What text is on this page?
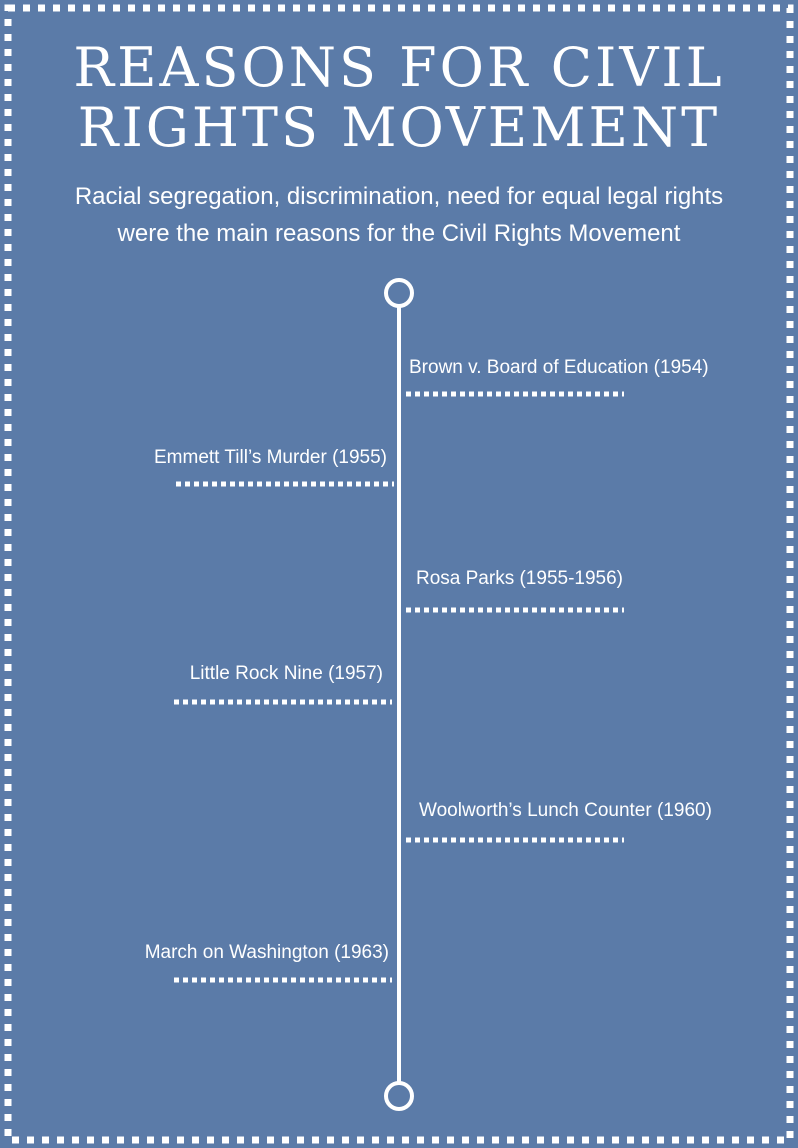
REASONS FOR CIVIL RIGHTS MOVEMENT

Racial segregation, discrimination, need for equal legal rights were the main reasons for the Civil Rights Movement

Brown v. Board of Education (1954)
Emmett Till’s Murder (1955)
Rosa Parks (1955-1956)
Little Rock Nine (1957)
Woolworth’s Lunch Counter (1960)
March on Washington (1963)
